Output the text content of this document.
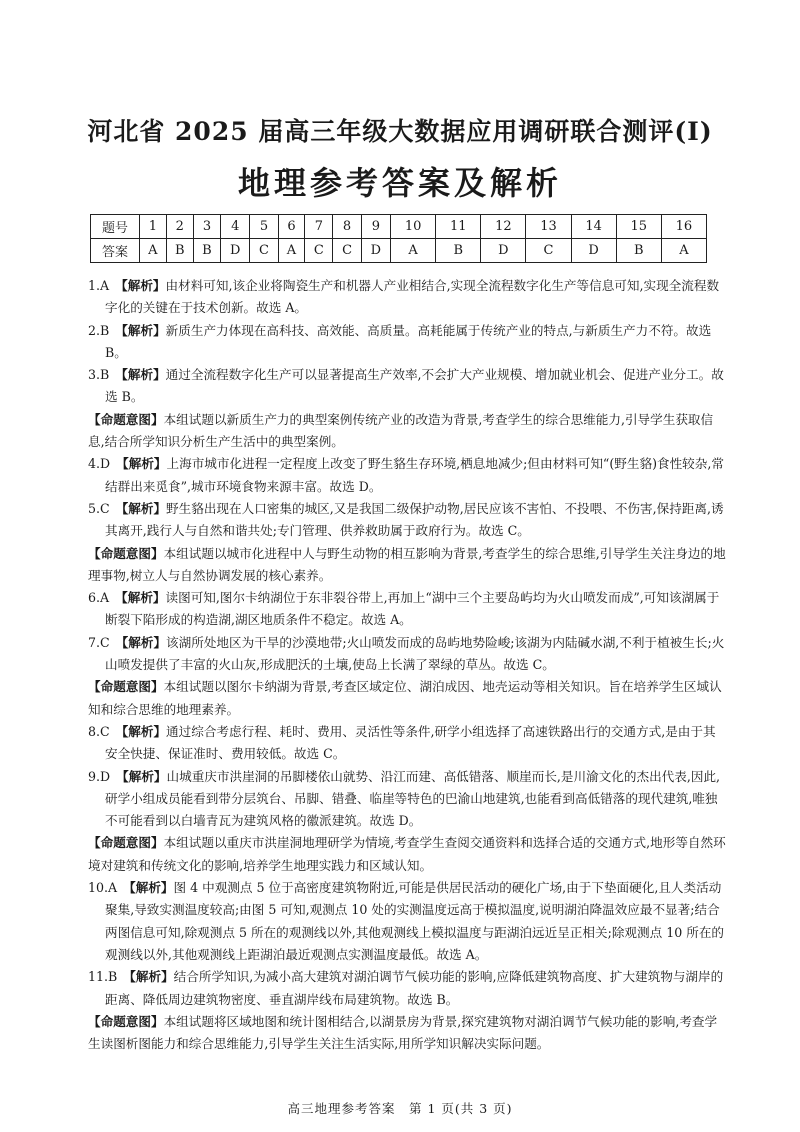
河北省 2025 届高三年级大数据应用调研联合测评(Ⅰ)
地理参考答案及解析
题号	1	2	3	4	5	6	7	8	9	10	11	12	13	14	15	16
答案	A	B	B	D	C	A	C	C	D	A	B	D	C	D	B	A

1.A 【解析】由材料可知,该企业将陶瓷生产和机器人产业相结合,实现全流程数字化生产等信息可知,实现全流程数字化的关键在于技术创新。故选 A。

2.B 【解析】新质生产力体现在高科技、高效能、高质量。高耗能属于传统产业的特点,与新质生产力不符。故选 B。

3.B 【解析】通过全流程数字化生产可以显著提高生产效率,不会扩大产业规模、增加就业机会、促进产业分工。故选 B。

【命题意图】本组试题以新质生产力的典型案例传统产业的改造为背景,考查学生的综合思维能力,引导学生获取信息,结合所学知识分析生产生活中的典型案例。

4.D 【解析】上海市城市化进程一定程度上改变了野生貉生存环境,栖息地减少;但由材料可知“(野生貉)食性较杂,常结群出来觅食”,城市环境食物来源丰富。故选 D。

5.C 【解析】野生貉出现在人口密集的城区,又是我国二级保护动物,居民应该不害怕、不投喂、不伤害,保持距离,诱其离开,践行人与自然和谐共处;专门管理、供养救助属于政府行为。故选 C。

【命题意图】本组试题以城市化进程中人与野生动物的相互影响为背景,考查学生的综合思维,引导学生关注身边的地理事物,树立人与自然协调发展的核心素养。

6.A 【解析】读图可知,图尔卡纳湖位于东非裂谷带上,再加上“湖中三个主要岛屿均为火山喷发而成”,可知该湖属于断裂下陷形成的构造湖,湖区地质条件不稳定。故选 A。

7.C 【解析】该湖所处地区为干旱的沙漠地带;火山喷发而成的岛屿地势险峻;该湖为内陆碱水湖,不利于植被生长;火山喷发提供了丰富的火山灰,形成肥沃的土壤,使岛上长满了翠绿的草丛。故选 C。

【命题意图】本组试题以图尔卡纳湖为背景,考查区域定位、湖泊成因、地壳运动等相关知识。旨在培养学生区域认知和综合思维的地理素养。

8.C 【解析】通过综合考虑行程、耗时、费用、灵活性等条件,研学小组选择了高速铁路出行的交通方式,是由于其安全快捷、保证准时、费用较低。故选 C。

9.D 【解析】山城重庆市洪崖洞的吊脚楼依山就势、沿江而建、高低错落、顺崖而长,是川渝文化的杰出代表,因此,研学小组成员能看到带分层筑台、吊脚、错叠、临崖等特色的巴渝山地建筑,也能看到高低错落的现代建筑,唯独不可能看到以白墙青瓦为建筑风格的徽派建筑。故选 D。

【命题意图】本组试题以重庆市洪崖洞地理研学为情境,考查学生查阅交通资料和选择合适的交通方式,地形等自然环境对建筑和传统文化的影响,培养学生地理实践力和区域认知。

10.A 【解析】图 4 中观测点 5 位于高密度建筑物附近,可能是供居民活动的硬化广场,由于下垫面硬化,且人类活动聚集,导致实测温度较高;由图 5 可知,观测点 10 处的实测温度远高于模拟温度,说明湖泊降温效应最不显著;结合两图信息可知,除观测点 5 所在的观测线以外,其他观测线上模拟温度与距湖泊远近呈正相关;除观测点 10 所在的观测线以外,其他观测线上距湖泊最近观测点实测温度最低。故选 A。

11.B 【解析】结合所学知识,为减小高大建筑对湖泊调节气候功能的影响,应降低建筑物高度、扩大建筑物与湖岸的距离、降低周边建筑物密度、垂直湖岸线布局建筑物。故选 B。

【命题意图】本组试题将区域地图和统计图相结合,以湖景房为背景,探究建筑物对湖泊调节气候功能的影响,考查学生读图析图能力和综合思维能力,引导学生关注生活实际,用所学知识解决实际问题。

高三地理参考答案　第 1 页(共 3 页)
